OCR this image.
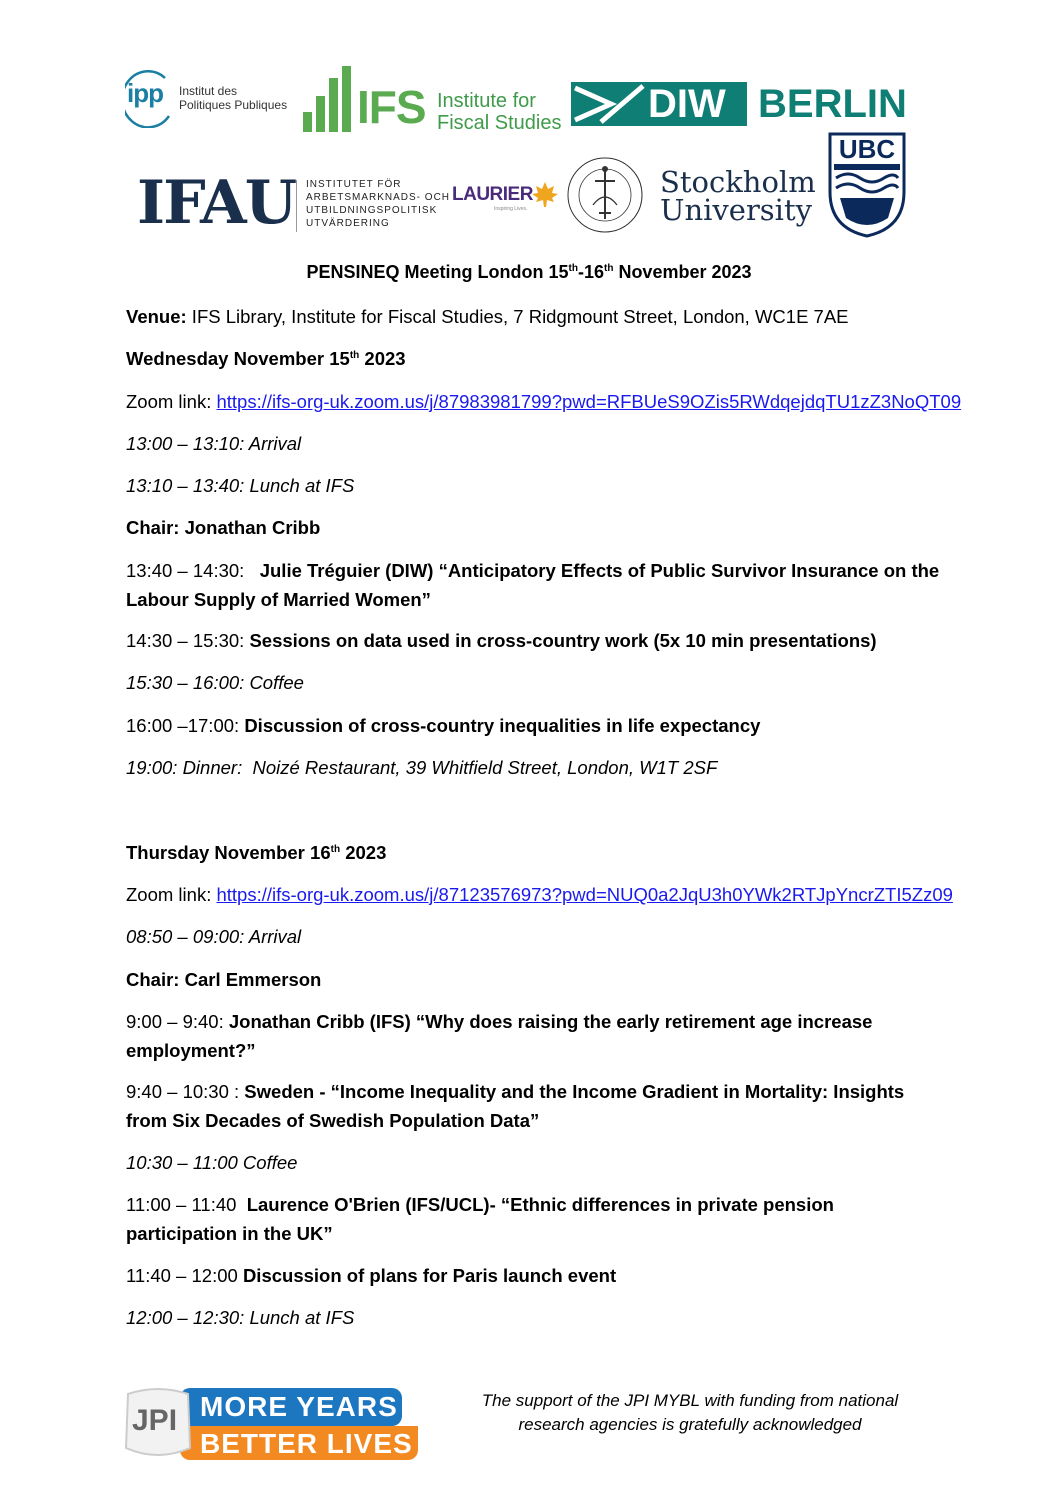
ipp Institut des
Politiques Publiques IFS Institute for
Fiscal Studies DIW BERLIN
IFAU INSTITUTET FÖR
ARBETSMARKNADS- OCH
UTBILDNINGSPOLITISK
UTVÄRDERING
LAURIER
Inspiring Lives.
Stockholm
University
UBC
PENSINEQ Meeting London 15th-16th November 2023
Venue: IFS Library, Institute for Fiscal Studies, 7 Ridgmount Street, London, WC1E 7AE
Wednesday November 15th 2023
Zoom link: https://ifs-org-uk.zoom.us/j/87983981799?pwd=RFBUeS9OZis5RWdqejdqTU1zZ3NoQT09
13:00 – 13:10: Arrival
13:10 – 13:40: Lunch at IFS
Chair: Jonathan Cribb
13:40 – 14:30:   Julie Tréguier (DIW) “Anticipatory Effects of Public Survivor Insurance on the
Labour Supply of Married Women”
14:30 – 15:30: Sessions on data used in cross-country work (5x 10 min presentations)
15:30 – 16:00: Coffee
16:00 –17:00: Discussion of cross-country inequalities in life expectancy
19:00: Dinner:  Noizé Restaurant, 39 Whitfield Street, London, W1T 2SF
Thursday November 16th 2023
Zoom link: https://ifs-org-uk.zoom.us/j/87123576973?pwd=NUQ0a2JqU3h0YWk2RTJpYncrZTI5Zz09
08:50 – 09:00: Arrival
Chair: Carl Emmerson
9:00 – 9:40: Jonathan Cribb (IFS) “Why does raising the early retirement age increase
employment?”
9:40 – 10:30 : Sweden - “Income Inequality and the Income Gradient in Mortality: Insights
from Six Decades of Swedish Population Data”
10:30 – 11:00 Coffee
11:00 – 11:40  Laurence O'Brien (IFS/UCL)- “Ethnic differences in private pension
participation in the UK”
11:40 – 12:00 Discussion of plans for Paris launch event
12:00 – 12:30: Lunch at IFS
JPI MORE YEARS
BETTER LIVES
The support of the JPI MYBL with funding from national
research agencies is gratefully acknowledged
